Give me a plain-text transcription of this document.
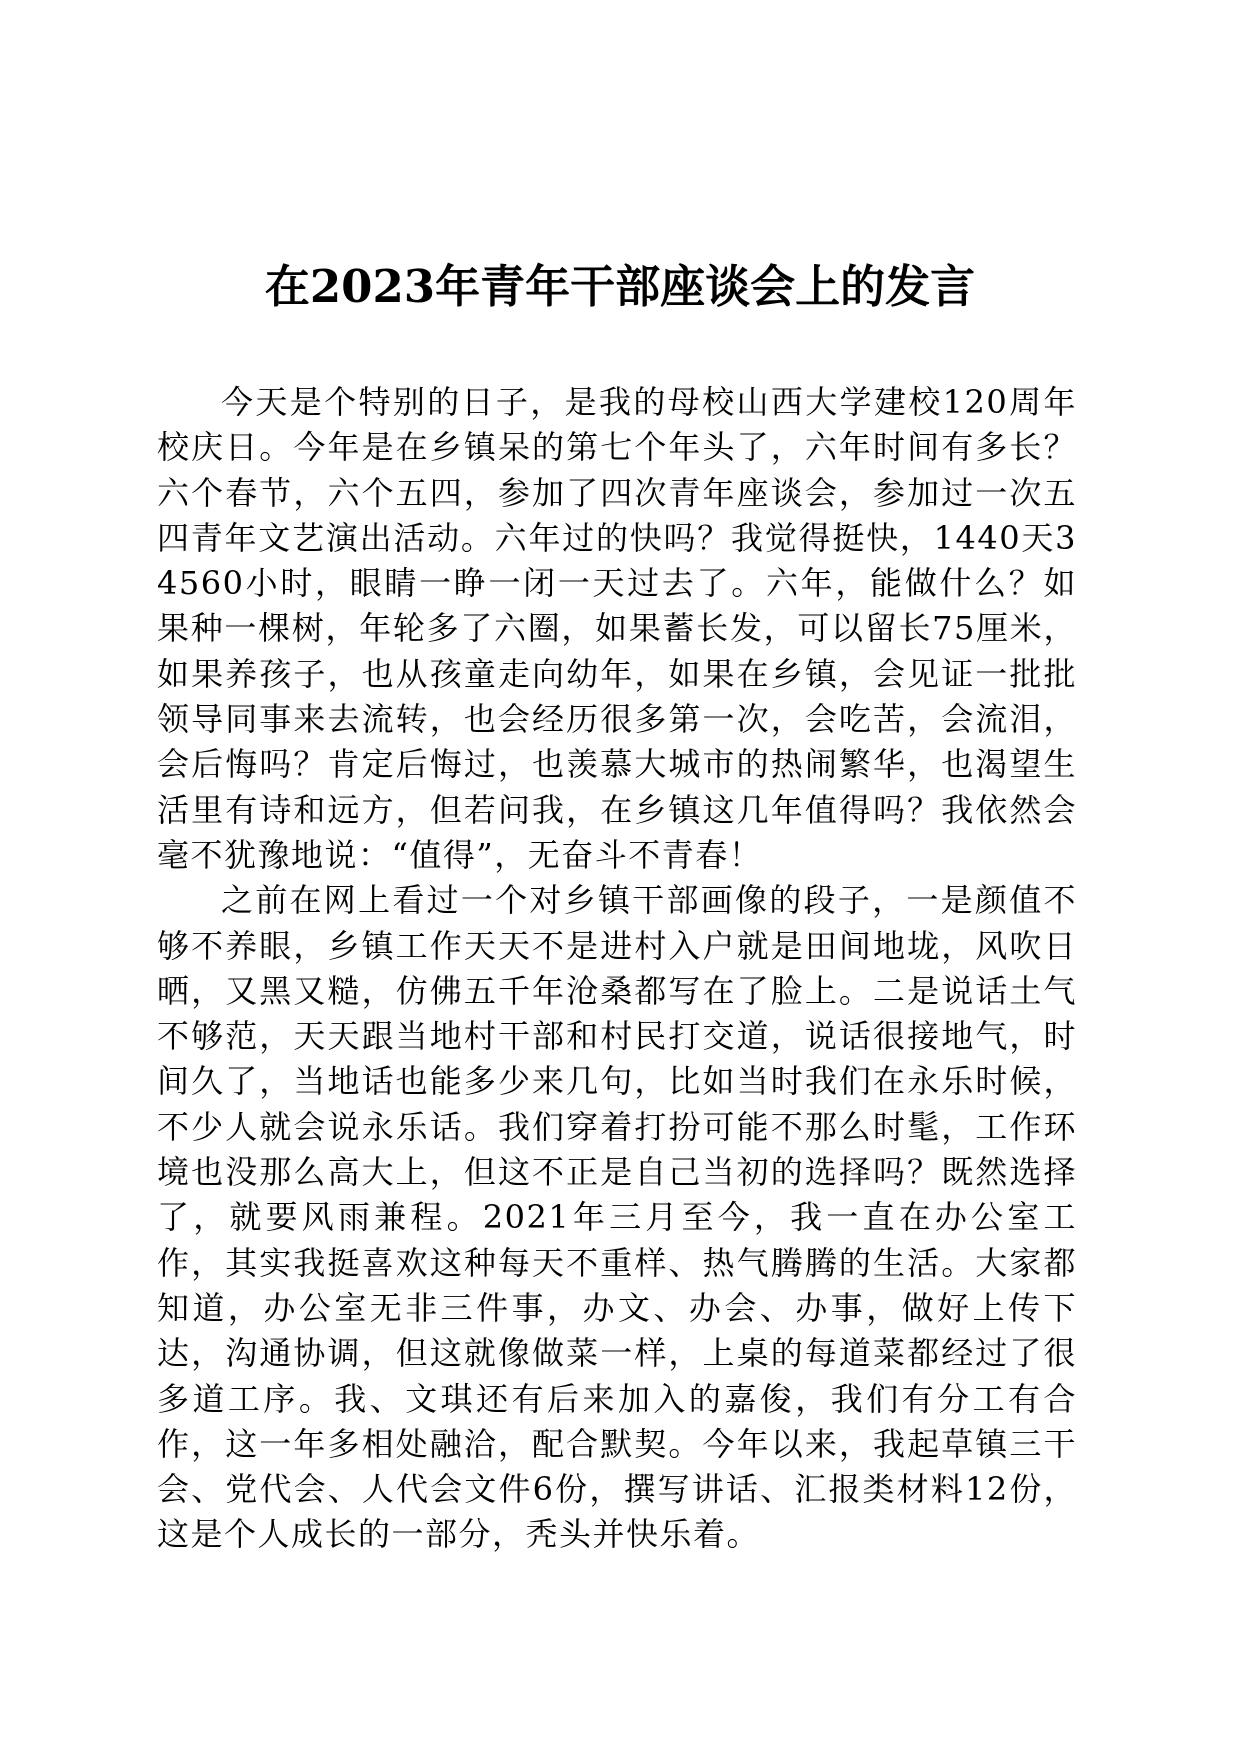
在2023年青年干部座谈会上的发言

今天是个特别的日子，是我的母校山西大学建校120周年校庆日。今年是在乡镇呆的第七个年头了，六年时间有多长？六个春节，六个五四，参加了四次青年座谈会，参加过一次五四青年文艺演出活动。六年过的快吗？我觉得挺快，1440天34560小时，眼睛一睁一闭一天过去了。六年，能做什么？如果种一棵树，年轮多了六圈，如果蓄长发，可以留长75厘米，如果养孩子，也从孩童走向幼年，如果在乡镇，会见证一批批领导同事来去流转，也会经历很多第一次，会吃苦，会流泪，会后悔吗？肯定后悔过，也羡慕大城市的热闹繁华，也渴望生活里有诗和远方，但若问我，在乡镇这几年值得吗？我依然会毫不犹豫地说：“值得”，无奋斗不青春！

之前在网上看过一个对乡镇干部画像的段子，一是颜值不够不养眼，乡镇工作天天不是进村入户就是田间地垅，风吹日晒，又黑又糙，仿佛五千年沧桑都写在了脸上。二是说话土气不够范，天天跟当地村干部和村民打交道，说话很接地气，时间久了，当地话也能多少来几句，比如当时我们在永乐时候，不少人就会说永乐话。我们穿着打扮可能不那么时髦，工作环境也没那么高大上，但这不正是自己当初的选择吗？既然选择了，就要风雨兼程。2021年三月至今，我一直在办公室工作，其实我挺喜欢这种每天不重样、热气腾腾的生活。大家都知道，办公室无非三件事，办文、办会、办事，做好上传下达，沟通协调，但这就像做菜一样，上桌的每道菜都经过了很多道工序。我、文琪还有后来加入的嘉俊，我们有分工有合作，这一年多相处融洽，配合默契。今年以来，我起草镇三干会、党代会、人代会文件6份，撰写讲话、汇报类材料12份，这是个人成长的一部分，秃头并快乐着。
